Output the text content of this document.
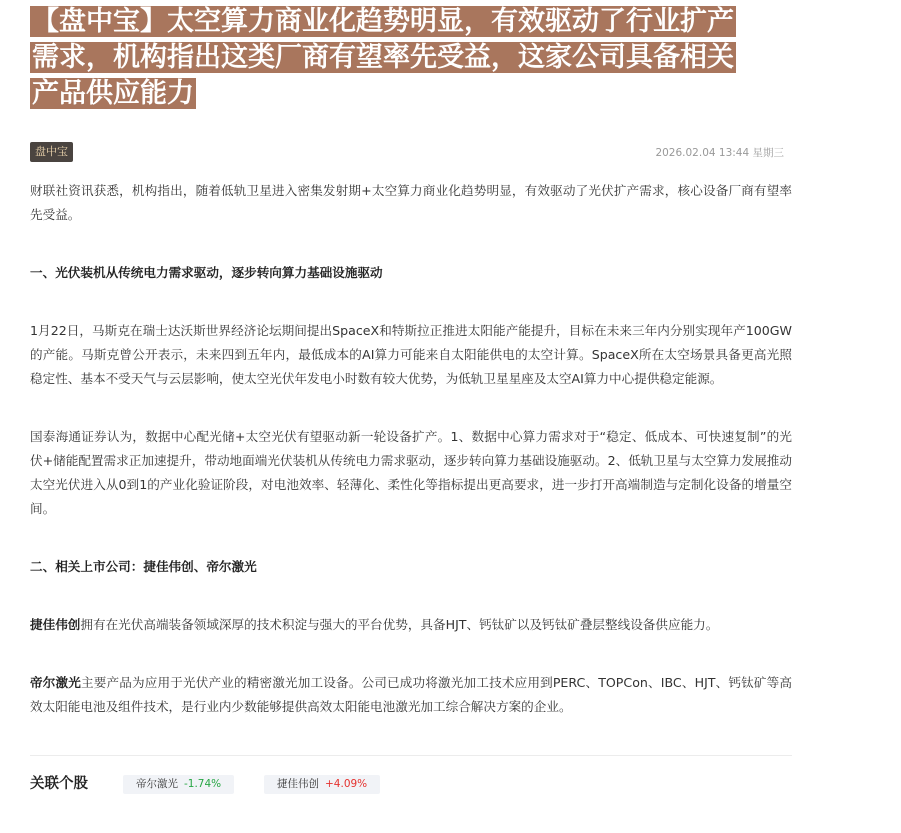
【盘中宝】太空算力商业化趋势明显，有效驱动了行业扩产
需求，机构指出这类厂商有望率先受益，这家公司具备相关
产品供应能力
盘中宝	2026.02.04 13:44 星期三

财联社资讯获悉，机构指出，随着低轨卫星进入密集发射期+太空算力商业化趋势明显，有效驱动了光伏扩产需求，核心设备厂商有望率先受益。

一、光伏装机从传统电力需求驱动，逐步转向算力基础设施驱动

1月22日，马斯克在瑞士达沃斯世界经济论坛期间提出SpaceX和特斯拉正推进太阳能产能提升，目标在未来三年内分别实现年产100GW的产能。马斯克曾公开表示，未来四到五年内，最低成本的AI算力可能来自太阳能供电的太空计算。SpaceX所在太空场景具备更高光照稳定性、基本不受天气与云层影响，使太空光伏年发电小时数有较大优势，为低轨卫星星座及太空AI算力中心提供稳定能源。

国泰海通证券认为，数据中心配光储+太空光伏有望驱动新一轮设备扩产。1、数据中心算力需求对于“稳定、低成本、可快速复制”的光伏+储能配置需求正加速提升，带动地面端光伏装机从传统电力需求驱动，逐步转向算力基础设施驱动。2、低轨卫星与太空算力发展推动太空光伏进入从0到1的产业化验证阶段，对电池效率、轻薄化、柔性化等指标提出更高要求，进一步打开高端制造与定制化设备的增量空间。

二、相关上市公司：捷佳伟创、帝尔激光

捷佳伟创拥有在光伏高端装备领域深厚的技术积淀与强大的平台优势，具备HJT、钙钛矿以及钙钛矿叠层整线设备供应能力。

帝尔激光主要产品为应用于光伏产业的精密激光加工设备。公司已成功将激光加工技术应用到PERC、TOPCon、IBC、HJT、钙钛矿等高效太阳能电池及组件技术，是行业内少数能够提供高效太阳能电池激光加工综合解决方案的企业。

关联个股	帝尔激光 -1.74%	捷佳伟创 +4.09%
